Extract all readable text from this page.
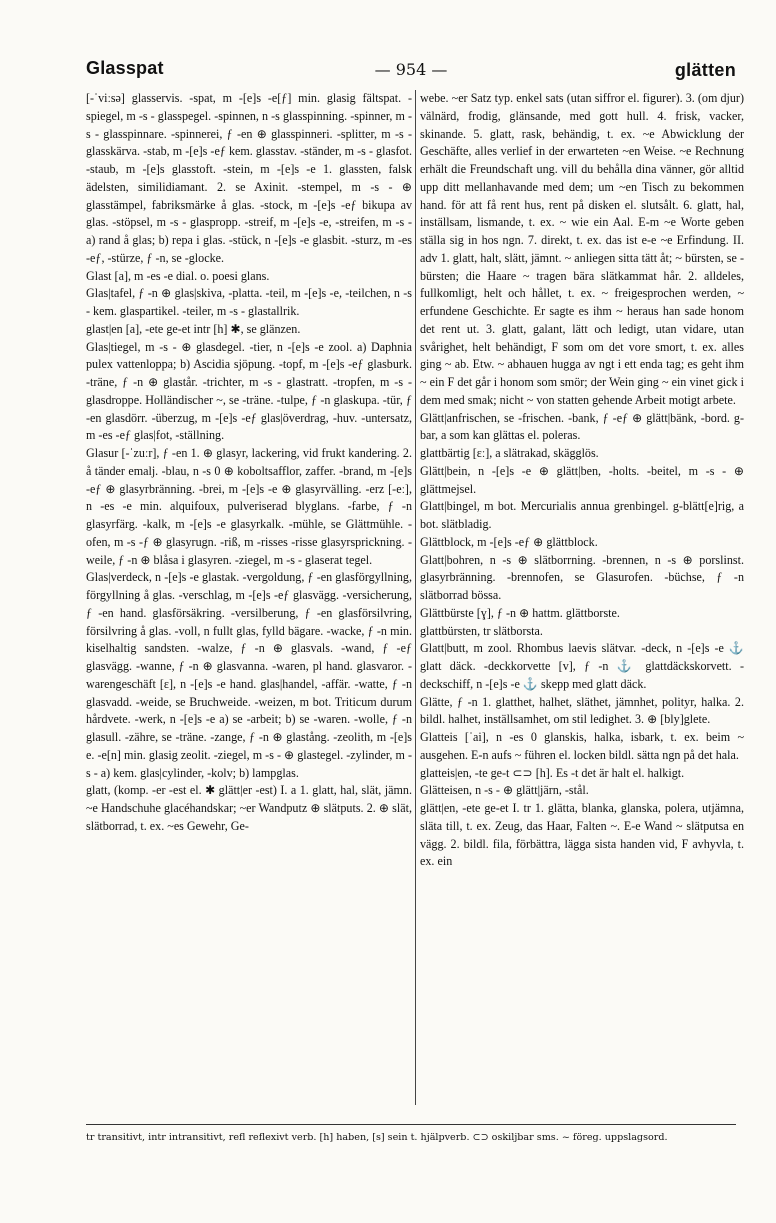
Glasspat	— 954 —	glätten

[-ˈviːsə] glasservis. -spat, m -[e]s -e[ƒ] min. glasig fältspat. -spiegel, m -s - glasspegel. -spinnen, n -s glasspinning. -spinner, m -s - glasspinnare. -spinnerei, ƒ -en ⊕ glasspinneri. -splitter, m -s - glasskärva. -stab, m -[e]s -eƒ kem. glasstav. -ständer, m -s - glasfot. -staub, m -[e]s glasstoft. -stein, m -[e]s -e 1. glassten, falsk ädelsten, similidiamant. 2. se Axinit. -stempel, m -s - ⊕ glasstämpel, fabriksmärke å glas. -stock, m -[e]s -eƒ bikupa av glas. -stöpsel, m -s - glaspropp. -streif, m -[e]s -e, -streifen, m -s - a) rand å glas; b) repa i glas. -stück, n -[e]s -e glasbit. -sturz, m -es -eƒ, -stürze, ƒ -n, se -glocke.

Glast [a], m -es -e dial. o. poesi glans.

Glas|tafel, ƒ -n ⊕ glas|skiva, -platta. -teil, m -[e]s -e, -teilchen, n -s - kem. glaspartikel. -teiler, m -s - glastallrik.

glast|en [a], -ete ge-et intr [h] ✱, se glänzen.

Glas|tiegel, m -s - ⊕ glasdegel. -tier, n -[e]s -e zool. a) Daphnia pulex vattenloppa; b) Ascidia sjöpung. -topf, m -[e]s -eƒ glasburk. -träne, ƒ -n ⊕ glastår. -trichter, m -s - glastratt. -tropfen, m -s - glasdroppe. Holländischer ~, se -träne. -tulpe, ƒ -n glaskupa. -tür, ƒ -en glasdörr. -überzug, m -[e]s -eƒ glas|överdrag, -huv. -untersatz, m -es -eƒ glas|fot, -ställning.

Glasur [-ˈzuːr], ƒ -en 1. ⊕ glasyr, lackering, vid frukt kandering. 2. å tänder emalj. -blau, n -s 0 ⊕ koboltsafflor, zaffer. -brand, m -[e]s -eƒ ⊕ glasyrbränning. -brei, m -[e]s -e ⊕ glasyrvälling. -erz [-eː], n -es -e min. alquifoux, pulveriserad blyglans. -farbe, ƒ -n glasyrfärg. -kalk, m -[e]s -e glasyrkalk. -mühle, se Glättmühle. -ofen, m -s -ƒ ⊕ glasyrugn. -riß, m -risses -risse glasyrsprickning. -weile, ƒ -n ⊕ blåsa i glasyren. -ziegel, m -s - glaserat tegel.

Glas|verdeck, n -[e]s -e glastak. -vergoldung, ƒ -en glasförgyllning, förgyllning å glas. -verschlag, m -[e]s -eƒ glasvägg. -versicherung, ƒ -en hand. glasförsäkring. -versilberung, ƒ -en glasförsilvring, försilvring å glas. -voll, n fullt glas, fylld bägare. -wacke, ƒ -n min. kiselhaltig sandsten. -walze, ƒ -n ⊕ glasvals. -wand, ƒ -eƒ glasvägg. -wanne, ƒ -n ⊕ glasvanna. -waren, pl hand. glasvaror. -warengeschäft [ɛ], n -[e]s -e hand. glas|handel, -affär. -watte, ƒ -n glasvadd. -weide, se Bruchweide. -weizen, m bot. Triticum durum hårdvete. -werk, n -[e]s -e a) se -arbeit; b) se -waren. -wolle, ƒ -n glasull. -zähre, se -träne. -zange, ƒ -n ⊕ glastång. -zeolith, m -[e]s e. -e[n] min. glasig zeolit. -ziegel, m -s - ⊕ glastegel. -zylinder, m -s - a) kem. glas|cylinder, -kolv; b) lampglas.

glatt, (komp. -er -est el. ✱ glätt|er -est) I. a 1. glatt, hal, slät, jämn. ~e Handschuhe glacéhandskar; ~er Wandputz ⊕ slätputs. 2. ⊕ slät, slätborrad, t. ex. ~es Gewehr, Ge-

webe. ~er Satz typ. enkel sats (utan siffror el. figurer). 3. (om djur) välnärd, frodig, glänsande, med gott hull. 4. frisk, vacker, skinande. 5. glatt, rask, behändig, t. ex. ~e Abwicklung der Geschäfte, alles verlief in der erwarteten ~en Weise. ~e Rechnung erhält die Freundschaft ung. vill du behålla dina vänner, gör alltid upp ditt mellanhavande med dem; um ~en Tisch zu bekommen hand. för att få rent hus, rent på disken el. slutsålt. 6. glatt, hal, inställsam, lismande, t. ex. ~ wie ein Aal. E-m ~e Worte geben ställa sig in hos ngn. 7. direkt, t. ex. das ist e-e ~e Erfindung. II. adv 1. glatt, halt, slätt, jämnt. ~ anliegen sitta tätt åt; ~ bürsten, se -bürsten; die Haare ~ tragen bära slätkammat hår. 2. alldeles, fullkomligt, helt och hållet, t. ex. ~ freigesprochen werden, ~ erfundene Geschichte. Er sagte es ihm ~ heraus han sade honom det rent ut. 3. glatt, galant, lätt och ledigt, utan vidare, utan svårighet, helt behändigt, F som om det vore smort, t. ex. alles ging ~ ab. Etw. ~ abhauen hugga av ngt i ett enda tag; es geht ihm ~ ein F det går i honom som smör; der Wein ging ~ ein vinet gick i dem med smak; nicht ~ von statten gehende Arbeit motigt arbete.

Glätt|anfrischen, se -frischen. -bank, ƒ -eƒ ⊕ glätt|bänk, -bord. g-bar, a som kan glättas el. poleras.

glattbärtig [ɛː], a slätrakad, skägglös.

Glätt|bein, n -[e]s -e ⊕ glätt|ben, -holts. -beitel, m -s - ⊕ glättmejsel.

Glatt|bingel, m bot. Mercurialis annua grenbingel. g-blätt[e]rig, a bot. slätbladig.

Glättblock, m -[e]s -eƒ ⊕ glättblock.

Glatt|bohren, n -s ⊕ slätborrning. -brennen, n -s ⊕ porslinst. glasyrbränning. -brennofen, se Glasurofen. -büchse, ƒ -n slätborrad bössa.

Glättbürste [ɣ], ƒ -n ⊕ hattm. glättborste.

glattbürsten, tr slätborsta.

Glatt|butt, m zool. Rhombus laevis slätvar. -deck, n -[e]s -e ⚓ glatt däck. -deckkorvette [v], ƒ -n ⚓ glattdäckskorvett. -deckschiff, n -[e]s -e ⚓ skepp med glatt däck.

Glätte, ƒ -n 1. glatthet, halhet, släthet, jämnhet, polityr, halka. 2. bildl. halhet, inställsamhet, om stil ledighet. 3. ⊕ [bly]glete.

Glatteis [ˈai], n -es 0 glanskis, halka, isbark, t. ex. beim ~ ausgehen. E-n aufs ~ führen el. locken bildl. sätta ngn på det hala.

glatteis|en, -te ge-t ⊂⊃ [h]. Es -t det är halt el. halkigt.

Glätteisen, n -s - ⊕ glätt|järn, -stål.

glätt|en, -ete ge-et I. tr 1. glätta, blanka, glanska, polera, utjämna, släta till, t. ex. Zeug, das Haar, Falten ~. E-e Wand ~ slätputsa en vägg. 2. bildl. fila, förbättra, lägga sista handen vid, F avhyvla, t. ex. ein

tr transitivt, intr intransitivt, refl reflexivt verb. [h] haben, [s] sein t. hjälpverb. ⊂⊃ oskiljbar sms. ~ föreg. uppslagsord.
